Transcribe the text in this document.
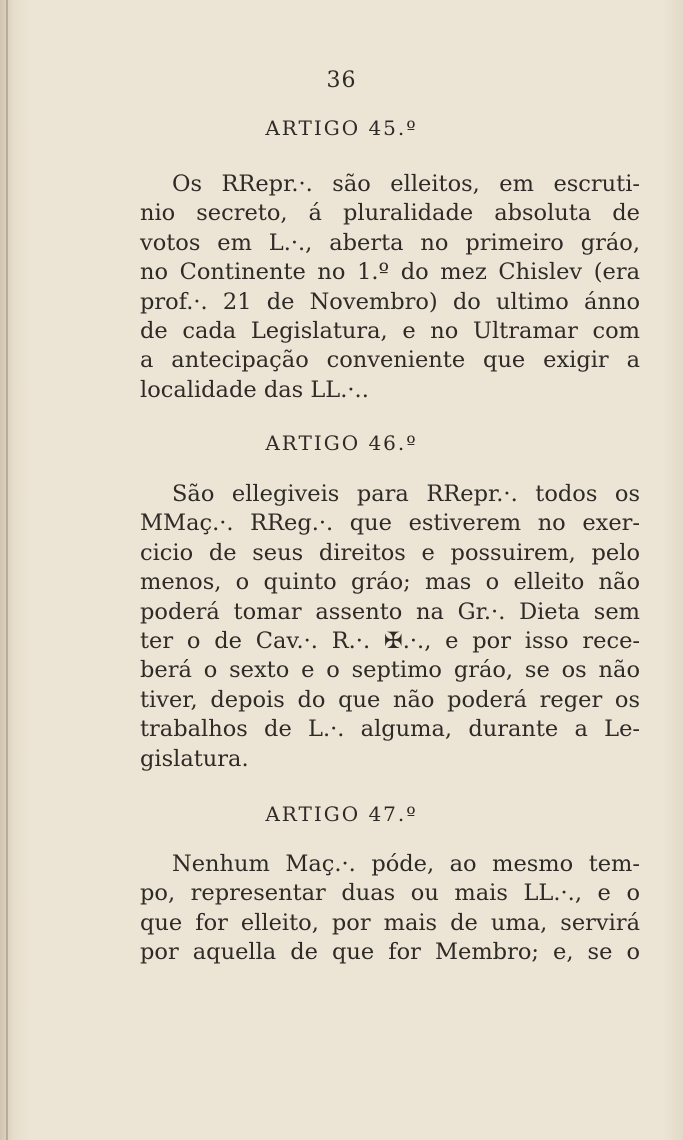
36
ARTIGO 45.º
Os RRepr.·. são elleitos, em escruti-
nio secreto, á pluralidade absoluta de
votos em L.·., aberta no primeiro gráo,
no Continente no 1.º do mez Chislev (era
prof.·. 21 de Novembro) do ultimo ánno
de cada Legislatura, e no Ultramar com
a antecipação conveniente que exigir a
localidade das LL.·..
ARTIGO 46.º
São ellegiveis para RRepr.·. todos os
MMaç.·. RReg.·. que estiverem no exer-
cicio de seus direitos e possuirem, pelo
menos, o quinto gráo; mas o elleito não
poderá tomar assento na Gr.·. Dieta sem
ter o de Cav.·. R.·. ✠.·., e por isso rece-
berá o sexto e o septimo gráo, se os não
tiver, depois do que não poderá reger os
trabalhos de L.·. alguma, durante a Le-
gislatura.
ARTIGO 47.º
Nenhum Maç.·. póde, ao mesmo tem-
po, representar duas ou mais LL.·., e o
que for elleito, por mais de uma, servirá
por aquella de que for Membro; e, se o
